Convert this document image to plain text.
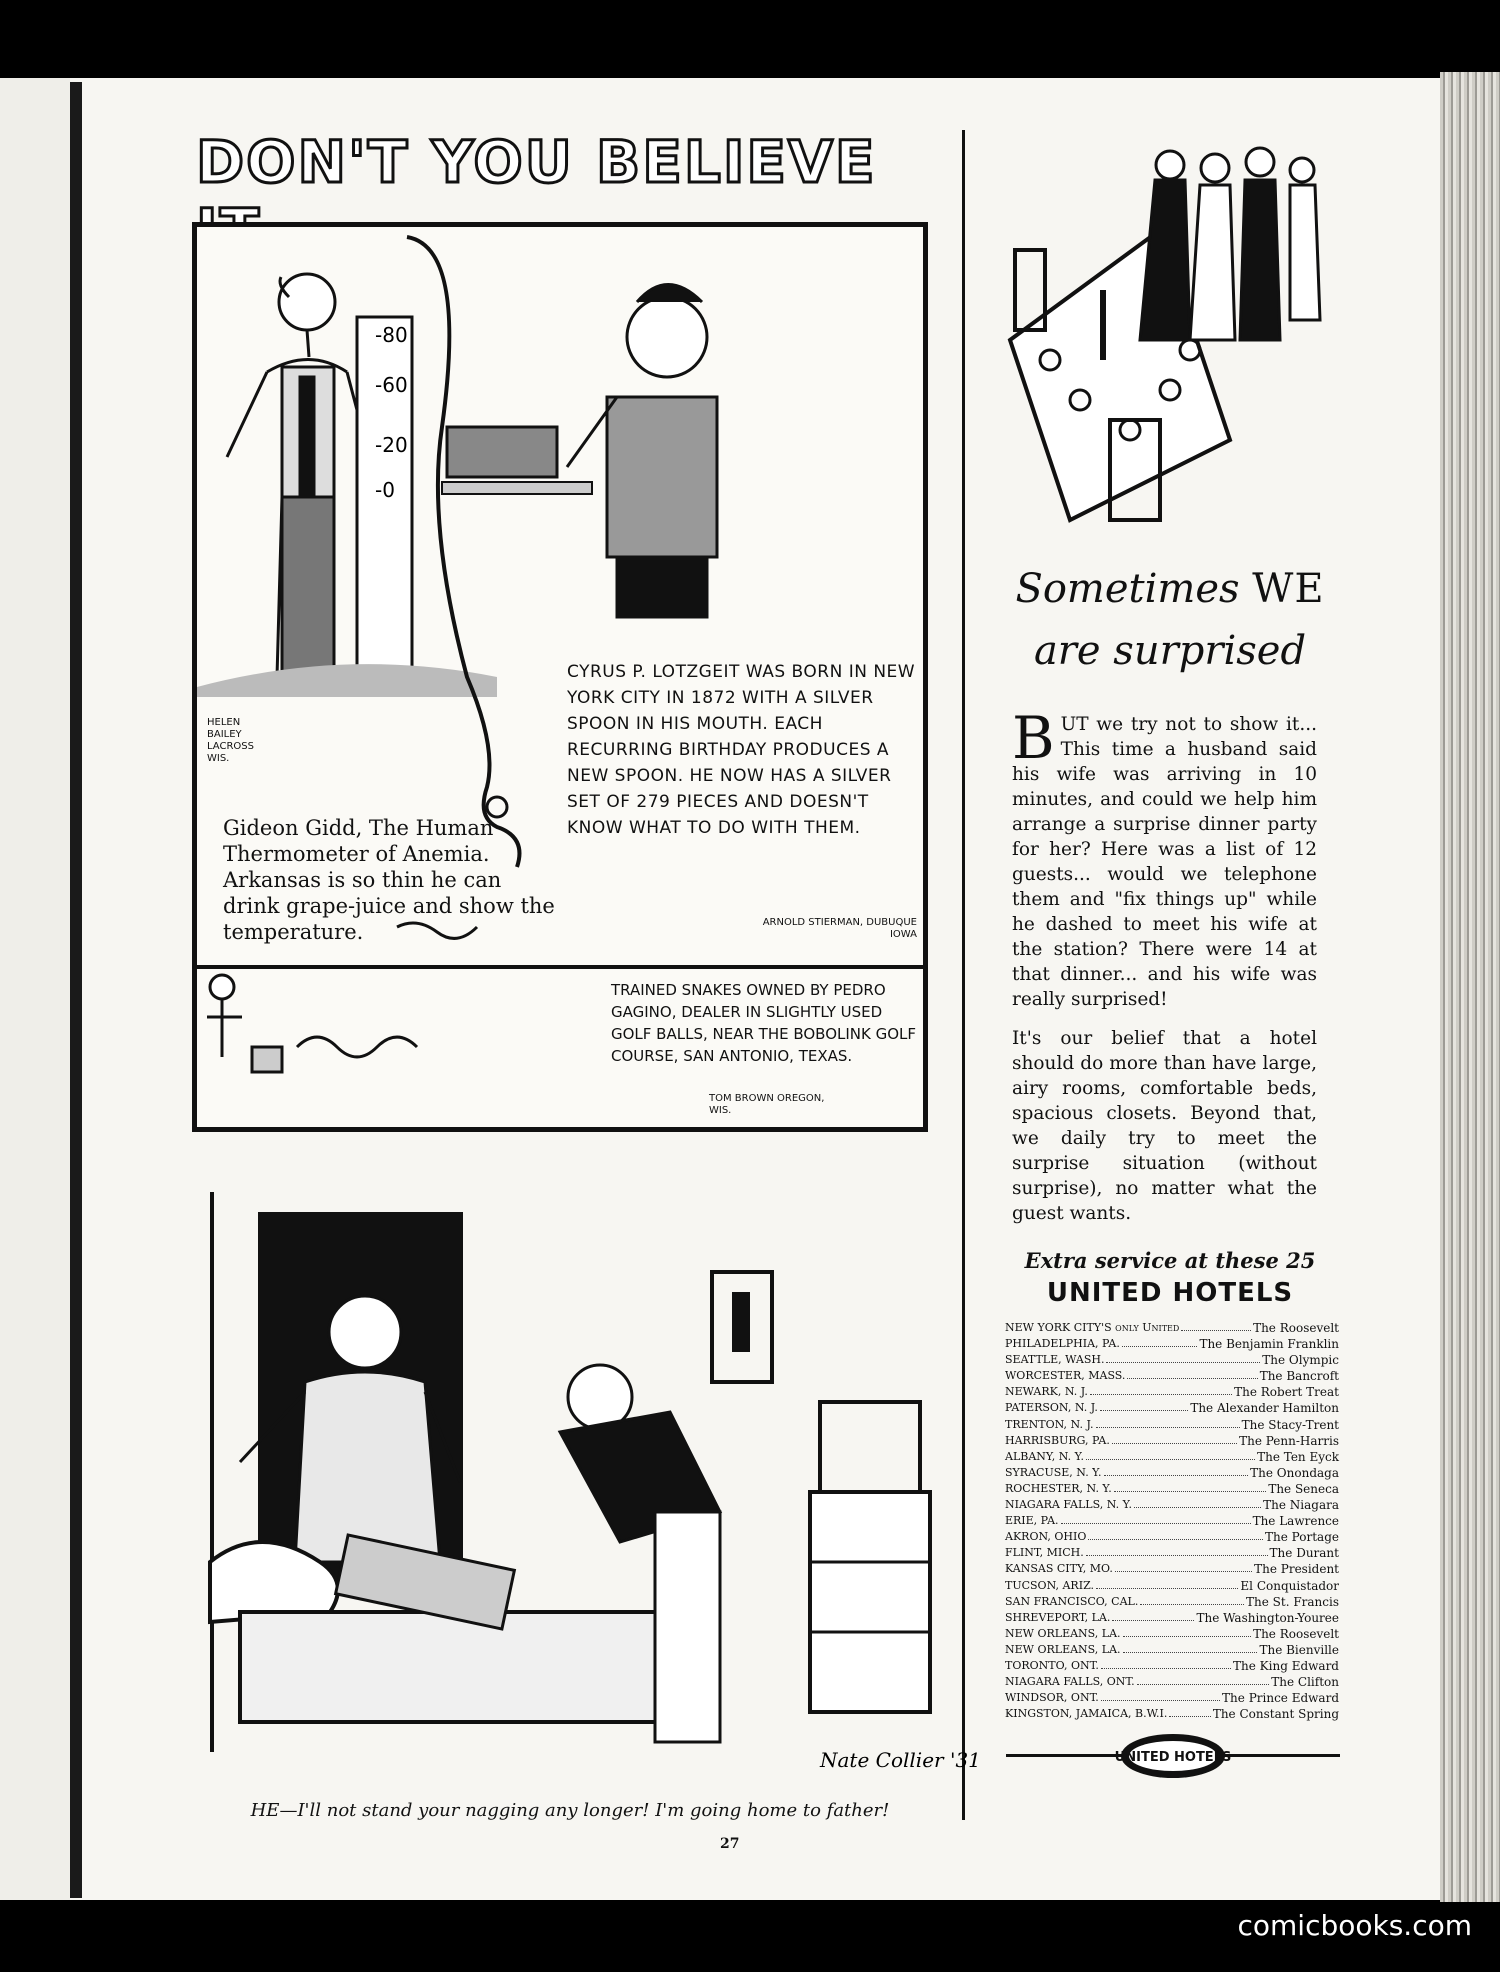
DON'T YOU BELIEVE
-80
-60
-20
-0
Gideon Gidd, The Human Thermometer of Anemia. Arkansas is so thin he can drink grape-juice and show the temperature.
HELEN BAILEY LACROSS WIS.
CYRUS P. LOTZGEIT WAS BORN IN NEW YORK CITY IN 1872 WITH A SILVER SPOON IN HIS MOUTH. EACH RECURRING BIRTHDAY PRODUCES A NEW SPOON. HE NOW HAS A SILVER SET OF 279 PIECES AND DOESN'T KNOW WHAT TO DO WITH THEM.
ARNOLD STIERMAN, DUBUQUE IOWA
TRAINED SNAKES OWNED BY PEDRO GAGINO, DEALER IN SLIGHTLY USED GOLF BALLS, NEAR THE BOBOLINK GOLF COURSE, SAN ANTONIO, TEXAS.
TOM BROWN OREGON, WIS.
Nate Collier '31
HE—I'll not stand your nagging any longer! I'm going home to father!
27
Sometimes WE
are surprised

BUT we try not to show it... This time a husband said his wife was arriving in 10 minutes, and could we help him arrange a surprise dinner party for her? Here was a list of 12 guests... would we telephone them and "fix things up" while he dashed to meet his wife at the station? There were 14 at that dinner... and his wife was really surprised!

It's our belief that a hotel should do more than have large, airy rooms, comfortable beds, spacious closets. Beyond that, we daily try to meet the surprise situation (without surprise), no matter what the guest wants.

Extra service at these 25
UNITED HOTELS
NEW YORK CITY'S only United	The Roosevelt
PHILADELPHIA, PA.	The Benjamin Franklin
SEATTLE, WASH.	The Olympic
WORCESTER, MASS.	The Bancroft
NEWARK, N. J.	The Robert Treat
PATERSON, N. J.	The Alexander Hamilton
TRENTON, N. J.	The Stacy-Trent
HARRISBURG, PA.	The Penn-Harris
ALBANY, N. Y.	The Ten Eyck
SYRACUSE, N. Y.	The Onondaga
ROCHESTER, N. Y.	The Seneca
NIAGARA FALLS, N. Y.	The Niagara
ERIE, PA.	The Lawrence
AKRON, OHIO	The Portage
FLINT, MICH.	The Durant
KANSAS CITY, MO.	The President
TUCSON, ARIZ.	El Conquistador
SAN FRANCISCO, CAL.	The St. Francis
SHREVEPORT, LA.	The Washington-Youree
NEW ORLEANS, LA.	The Roosevelt
NEW ORLEANS, LA.	The Bienville
TORONTO, ONT.	The King Edward
NIAGARA FALLS, ONT.	The Clifton
WINDSOR, ONT.	The Prince Edward
KINGSTON, JAMAICA, B.W.I.	The Constant Spring
UNITED HOTELS
comicbooks.com
